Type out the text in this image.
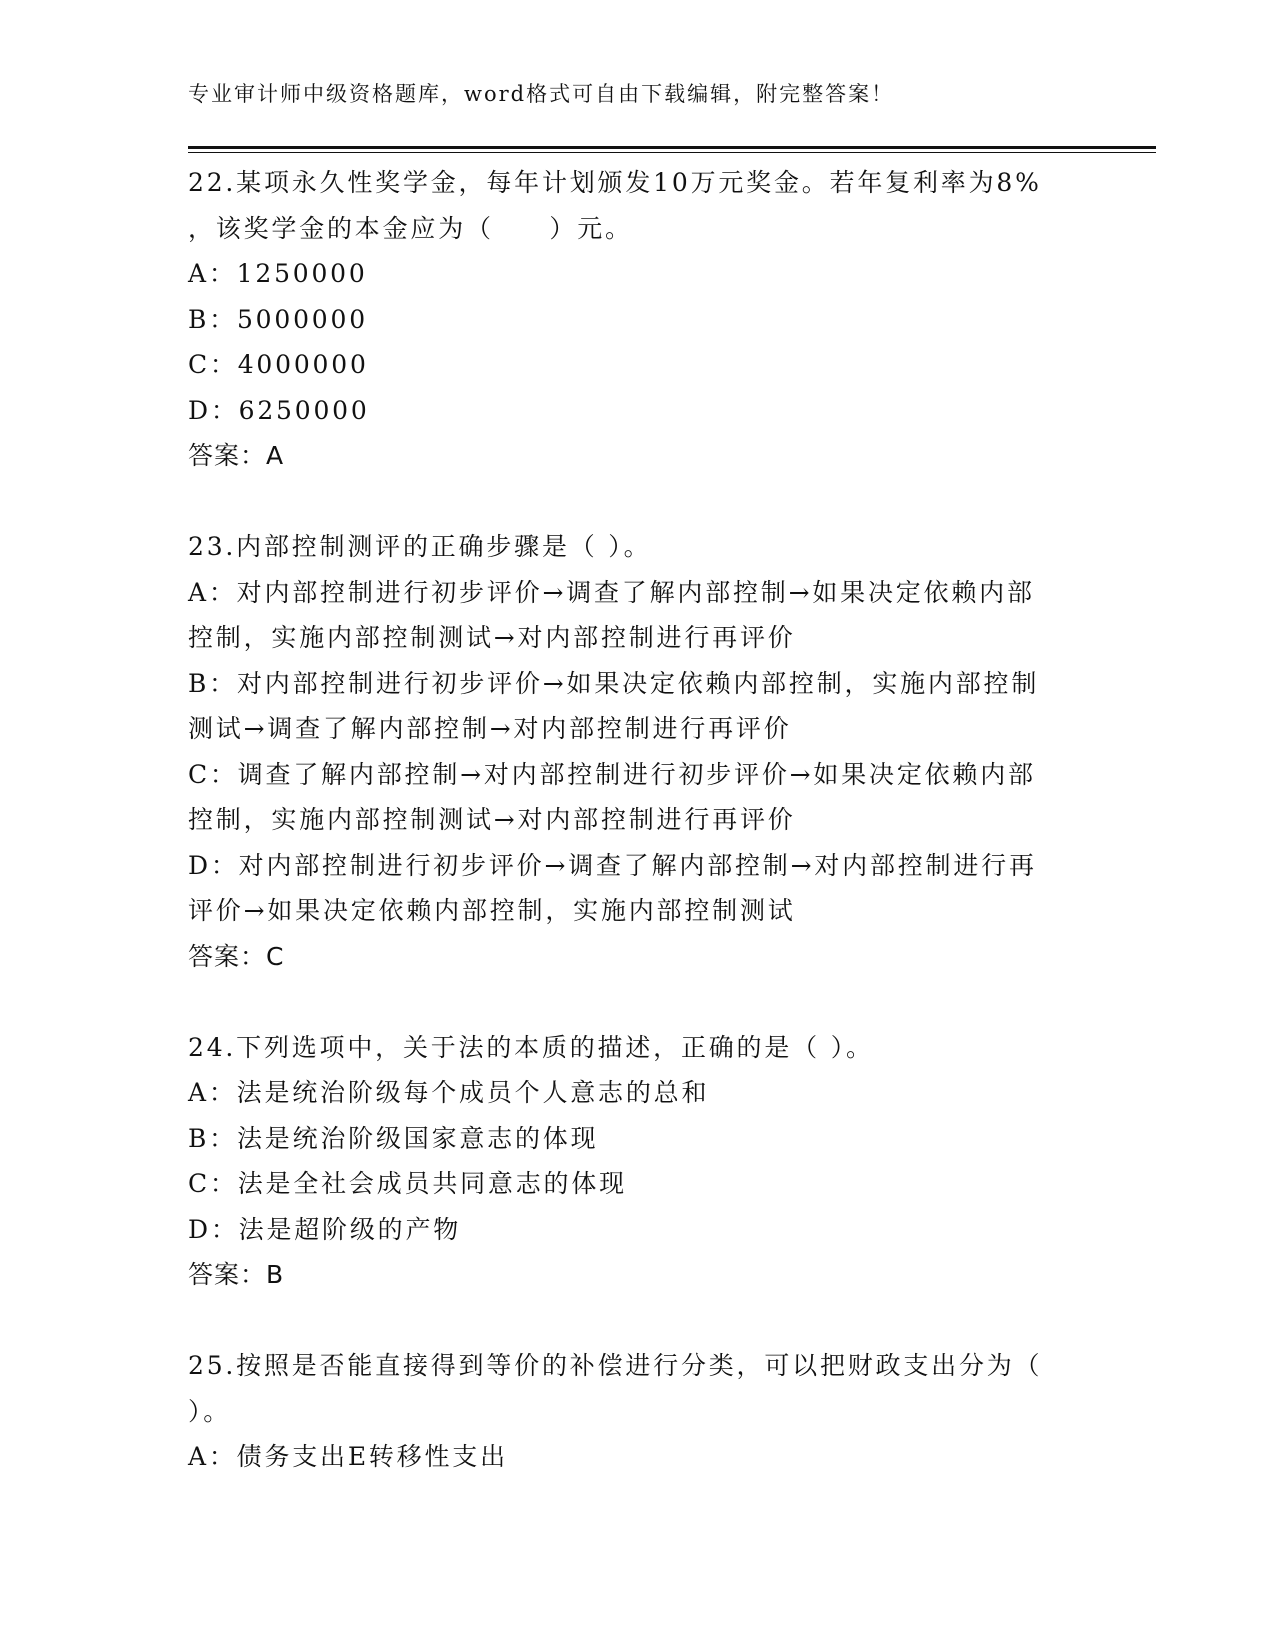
专业审计师中级资格题库，word格式可自由下载编辑，附完整答案！
22.某项永久性奖学金，每年计划颁发10万元奖金。若年复利率为8%
，该奖学金的本金应为（　　）元。
A：1250000
B：5000000
C：4000000
D：6250000
答案：A
23.内部控制测评的正确步骤是（ ）。
A：对内部控制进行初步评价→调查了解内部控制→如果决定依赖内部
控制，实施内部控制测试→对内部控制进行再评价
B：对内部控制进行初步评价→如果决定依赖内部控制，实施内部控制
测试→调查了解内部控制→对内部控制进行再评价
C：调查了解内部控制→对内部控制进行初步评价→如果决定依赖内部
控制，实施内部控制测试→对内部控制进行再评价
D：对内部控制进行初步评价→调查了解内部控制→对内部控制进行再
评价→如果决定依赖内部控制，实施内部控制测试
答案：C
24.下列选项中，关于法的本质的描述，正确的是（ ）。
A：法是统治阶级每个成员个人意志的总和
B：法是统治阶级国家意志的体现
C：法是全社会成员共同意志的体现
D：法是超阶级的产物
答案：B
25.按照是否能直接得到等价的补偿进行分类，可以把财政支出分为（
）。
A：债务支出E转移性支出
